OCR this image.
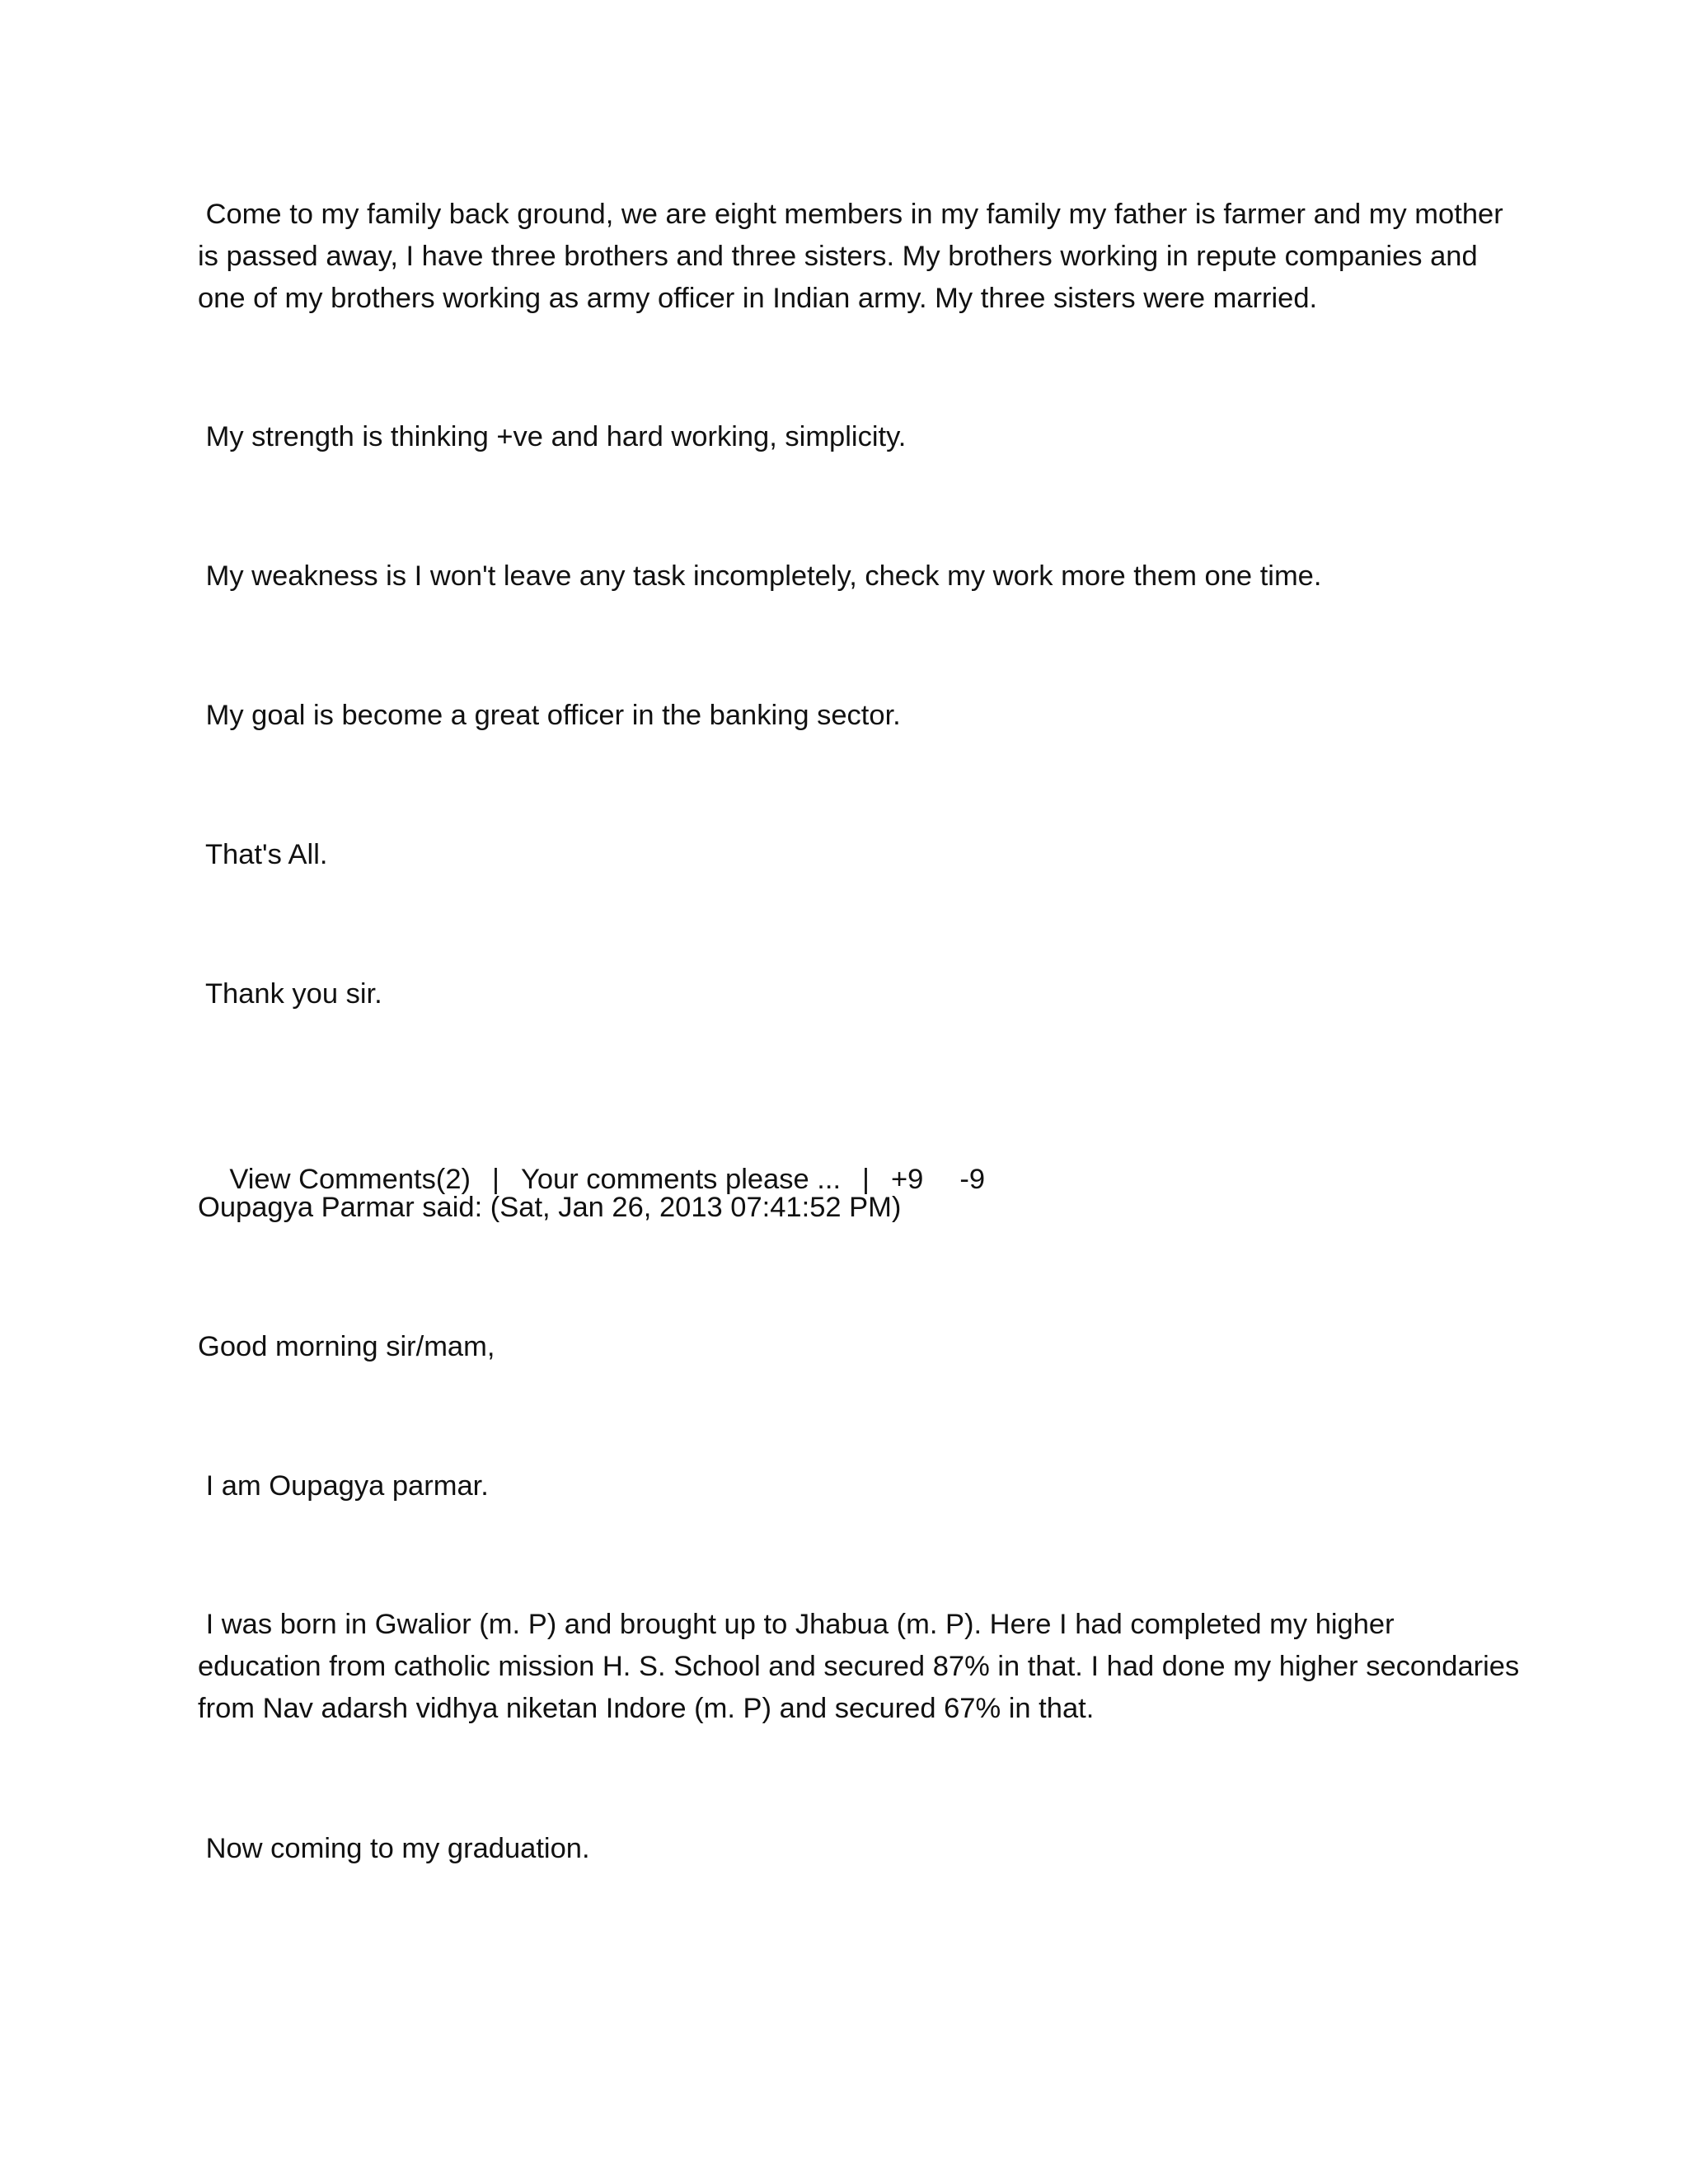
Come to my family back ground, we are eight members in my family my father is farmer and my mother
is passed away, I have three brothers and three sisters. My brothers working in repute companies and
one of my brothers working as army officer in Indian army. My three sisters were married.

My strength is thinking +ve and hard working, simplicity.

My weakness is I won't leave any task incompletely, check my work more them one time.

My goal is become a great officer in the banking sector.

That's All.

Thank you sir.

View Comments(2) | Your comments please ... | +9 -9

Oupagya Parmar said: (Sat, Jan 26, 2013 07:41:52 PM)

Good morning sir/mam,

I am Oupagya parmar.

I was born in Gwalior (m. P) and brought up to Jhabua (m. P). Here I had completed my higher
education from catholic mission H. S. School and secured 87% in that. I had done my higher secondaries
from Nav adarsh vidhya niketan Indore (m. P) and secured 67% in that.

Now coming to my graduation.
